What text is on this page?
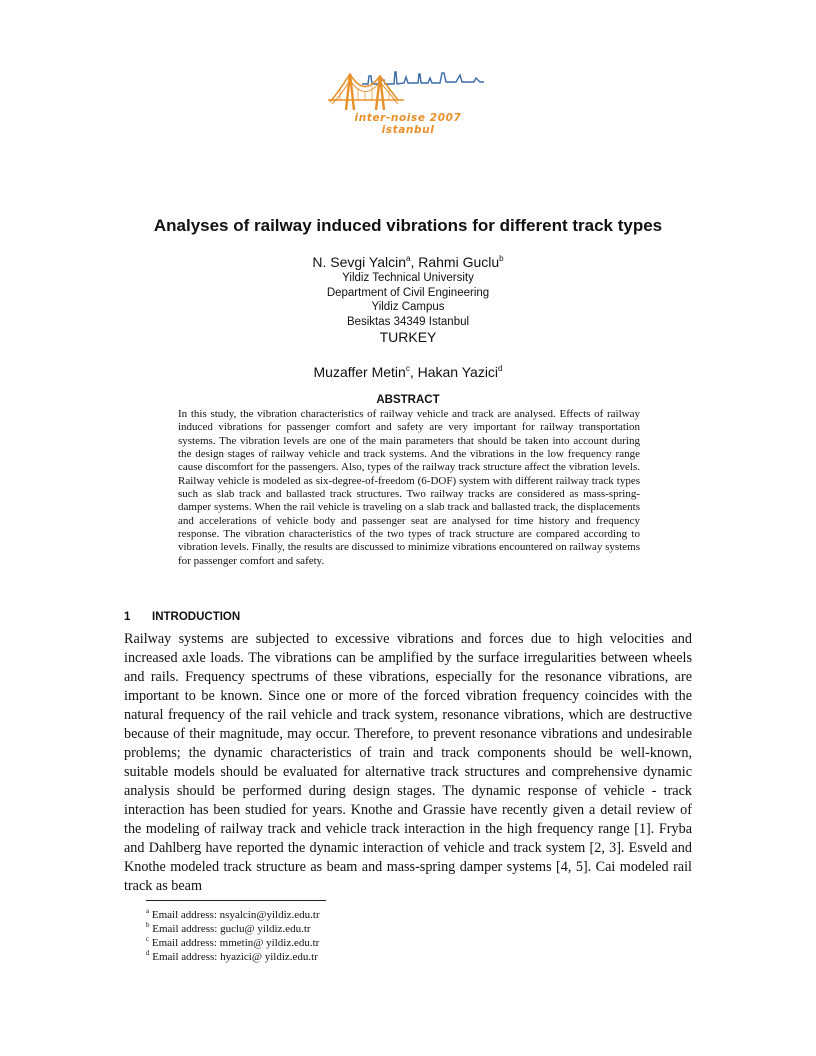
inter-noise 2007 istanbul
Analyses of railway induced vibrations for different track types
N. Sevgi Yalcin$^a$, Rahmi Guclu$^b$
Yildiz Technical University
Department of Civil Engineering
Yildiz Campus
Besiktas 34349 Istanbul
TURKEY
Muzaffer Metin$^c$, Hakan Yazici$^d$
ABSTRACT

In this study, the vibration characteristics of railway vehicle and track are analysed. Effects of railway induced vibrations for passenger comfort and safety are very important for railway transportation systems. The vibration levels are one of the main parameters that should be taken into account during the design stages of railway vehicle and track systems. And the vibrations in the low frequency range cause discomfort for the passengers. Also, types of the railway track structure affect the vibration levels. Railway vehicle is modeled as six-degree-of-freedom (6-DOF) system with different railway track types such as slab track and ballasted track structures. Two railway tracks are considered as mass-spring-damper systems. When the rail vehicle is traveling on a slab track and ballasted track, the displacements and accelerations of vehicle body and passenger seat are analysed for time history and frequency response. The vibration characteristics of the two types of track structure are compared according to vibration levels. Finally, the results are discussed to minimize vibrations encountered on railway systems for passenger comfort and safety.

1 INTRODUCTION

Railway systems are subjected to excessive vibrations and forces due to high velocities and increased axle loads. The vibrations can be amplified by the surface irregularities between wheels and rails. Frequency spectrums of these vibrations, especially for the resonance vibrations, are important to be known. Since one or more of the forced vibration frequency coincides with the natural frequency of the rail vehicle and track system, resonance vibrations, which are destructive because of their magnitude, may occur. Therefore, to prevent resonance vibrations and undesirable problems; the dynamic characteristics of train and track components should be well-known, suitable models should be evaluated for alternative track structures and comprehensive dynamic analysis should be performed during design stages. The dynamic response of vehicle - track interaction has been studied for years. Knothe and Grassie have recently given a detail review of the modeling of railway track and vehicle track interaction in the high frequency range [1]. Fryba and Dahlberg have reported the dynamic interaction of vehicle and track system [2, 3]. Esveld and Knothe modeled track structure as beam and mass-spring damper systems [4, 5]. Cai modeled rail track as beam

$^a$ Email address: nsyalcin@yildiz.edu.tr
$^b$ Email address: guclu@ yildiz.edu.tr
$^c$ Email address: mmetin@ yildiz.edu.tr
$^d$ Email address: hyazici@ yildiz.edu.tr
